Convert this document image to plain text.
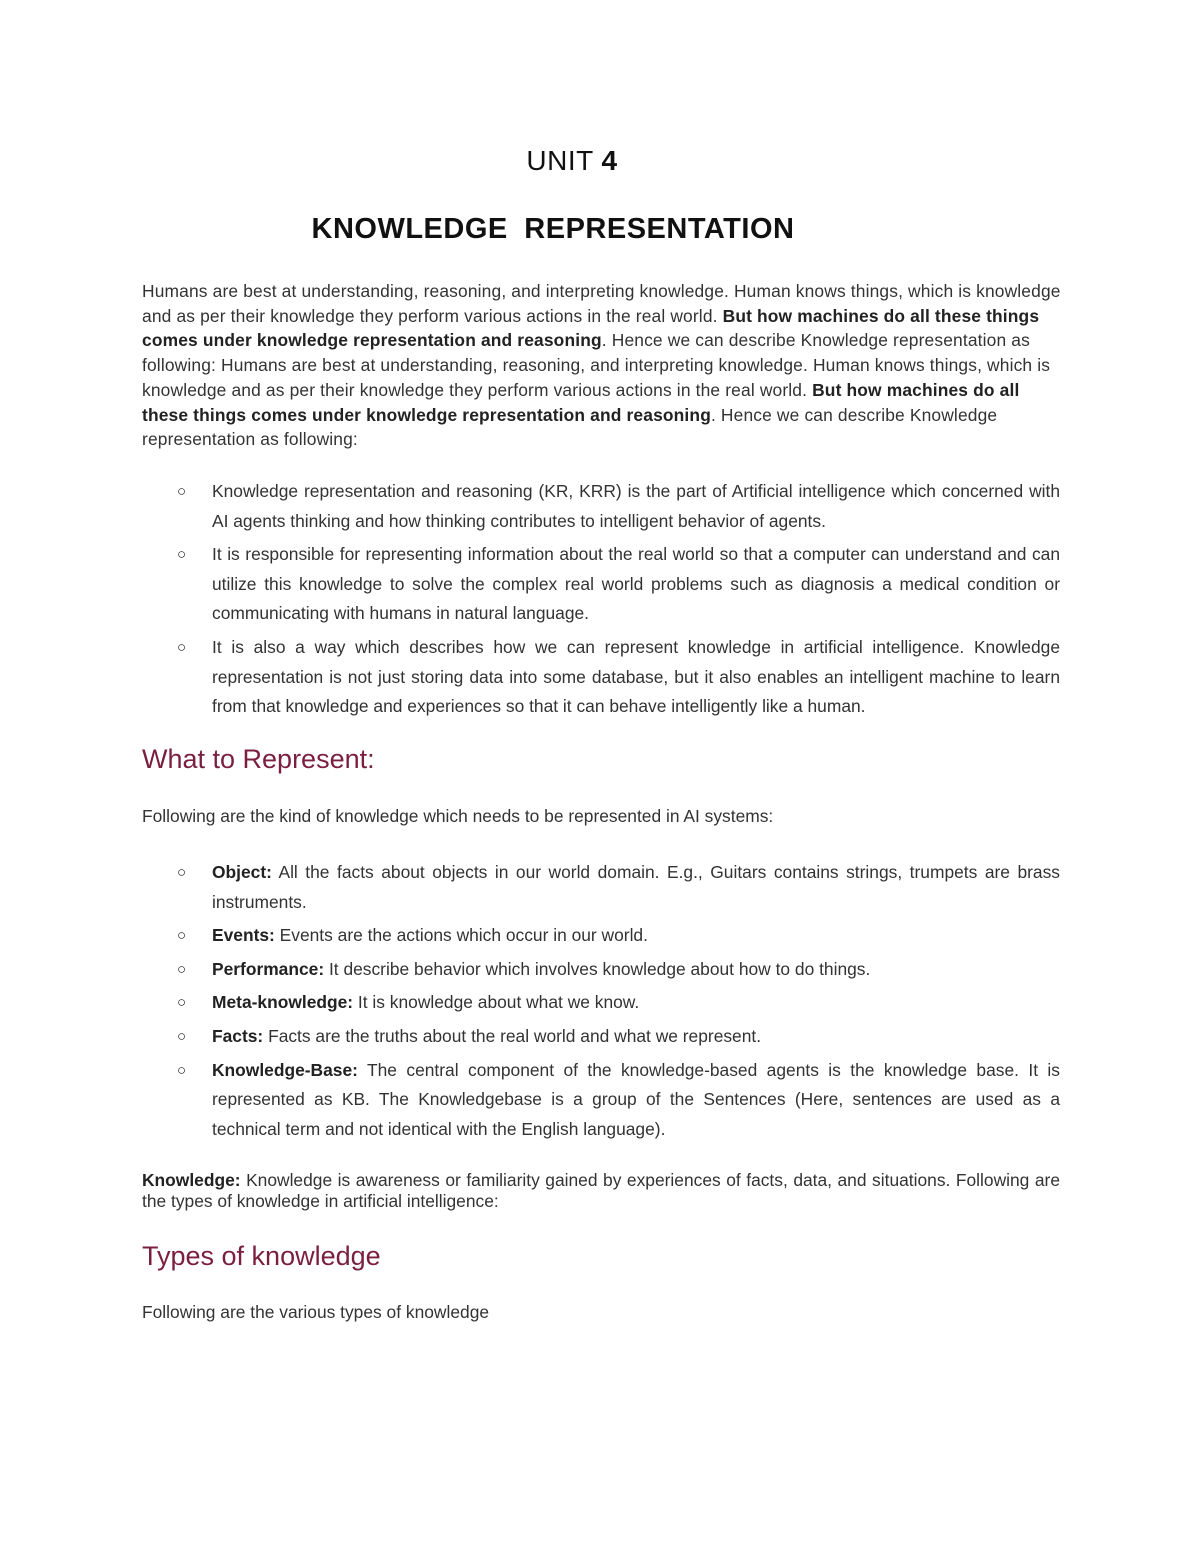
UNIT 4
KNOWLEDGE REPRESENTATION

Humans are best at understanding, reasoning, and interpreting knowledge. Human knows things, which is knowledge and as per their knowledge they perform various actions in the real world. But how machines do all these things comes under knowledge representation and reasoning. Hence we can describe Knowledge representation as following: Humans are best at understanding, reasoning, and interpreting knowledge. Human knows things, which is knowledge and as per their knowledge they perform various actions in the real world. But how machines do all these things comes under knowledge representation and reasoning. Hence we can describe Knowledge representation as following:

○ Knowledge representation and reasoning (KR, KRR) is the part of Artificial intelligence which concerned with AI agents thinking and how thinking contributes to intelligent behavior of agents.
○ It is responsible for representing information about the real world so that a computer can understand and can utilize this knowledge to solve the complex real world problems such as diagnosis a medical condition or communicating with humans in natural language.
○ It is also a way which describes how we can represent knowledge in artificial intelligence. Knowledge representation is not just storing data into some database, but it also enables an intelligent machine to learn from that knowledge and experiences so that it can behave intelligently like a human.
What to Represent:

Following are the kind of knowledge which needs to be represented in AI systems:

○ Object: All the facts about objects in our world domain. E.g., Guitars contains strings, trumpets are brass instruments.
○ Events: Events are the actions which occur in our world.
○ Performance: It describe behavior which involves knowledge about how to do things.
○ Meta-knowledge: It is knowledge about what we know.
○ Facts: Facts are the truths about the real world and what we represent.
○ Knowledge-Base: The central component of the knowledge-based agents is the knowledge base. It is represented as KB. The Knowledgebase is a group of the Sentences (Here, sentences are used as a technical term and not identical with the English language).

Knowledge: Knowledge is awareness or familiarity gained by experiences of facts, data, and situations. Following are the types of knowledge in artificial intelligence:

Types of knowledge

Following are the various types of knowledge
